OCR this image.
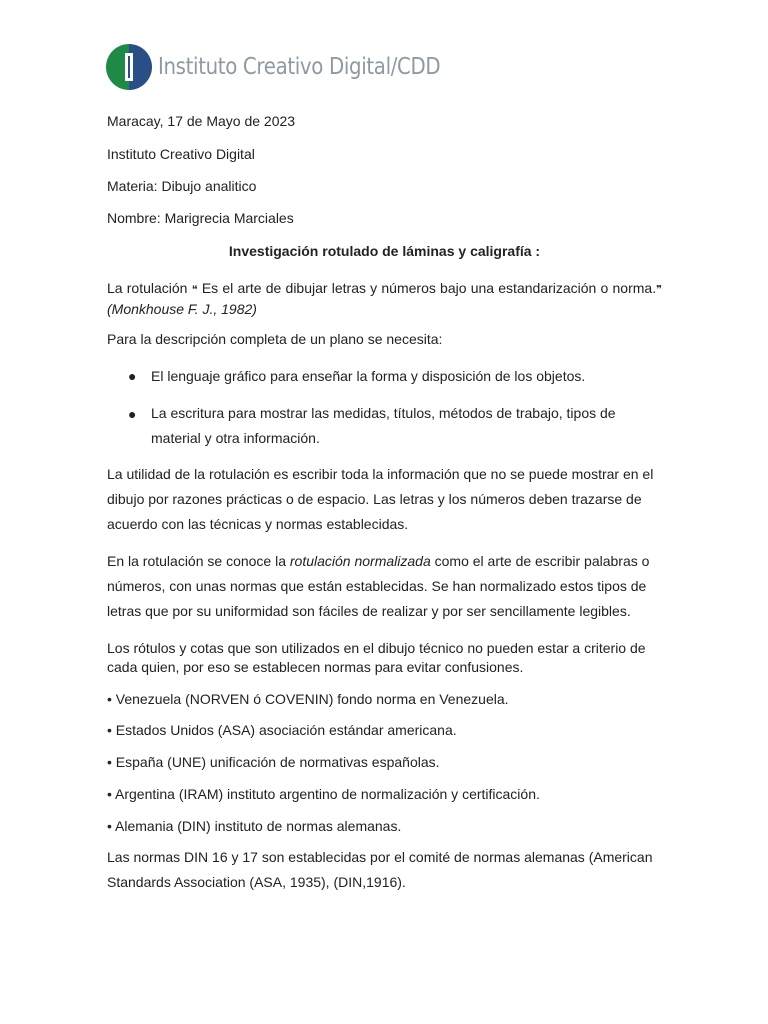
Instituto Creativo Digital/CDD
Maracay, 17 de Mayo de 2023
Instituto Creativo Digital
Materia: Dibujo analitico
Nombre: Marigrecia Marciales
Investigación rotulado de láminas y caligrafía :
La rotulación ❝ Es el arte de dibujar letras y números bajo una estandarización o norma.❞ (Monkhouse F. J., 1982)
Para la descripción completa de un plano se necesita:
● El lenguaje gráfico para enseñar la forma y disposición de los objetos.
● La escritura para mostrar las medidas, títulos, métodos de trabajo, tipos de material y otra información.
La utilidad de la rotulación es escribir toda la información que no se puede mostrar en el dibujo por razones prácticas o de espacio. Las letras y los números deben trazarse de acuerdo con las técnicas y normas establecidas.
En la rotulación se conoce la rotulación normalizada como el arte de escribir palabras o números, con unas normas que están establecidas. Se han normalizado estos tipos de letras que por su uniformidad son fáciles de realizar y por ser sencillamente legibles.
Los rótulos y cotas que son utilizados en el dibujo técnico no pueden estar a criterio de cada quien, por eso se establecen normas para evitar confusiones.
• Venezuela (NORVEN ó COVENIN) fondo norma en Venezuela.
• Estados Unidos (ASA) asociación estándar americana.
• España (UNE) unificación de normativas españolas.
• Argentina (IRAM) instituto argentino de normalización y certificación.
• Alemania (DIN) instituto de normas alemanas.
Las normas DIN 16 y 17 son establecidas por el comité de normas alemanas (American Standards Association (ASA, 1935), (DIN,1916).
